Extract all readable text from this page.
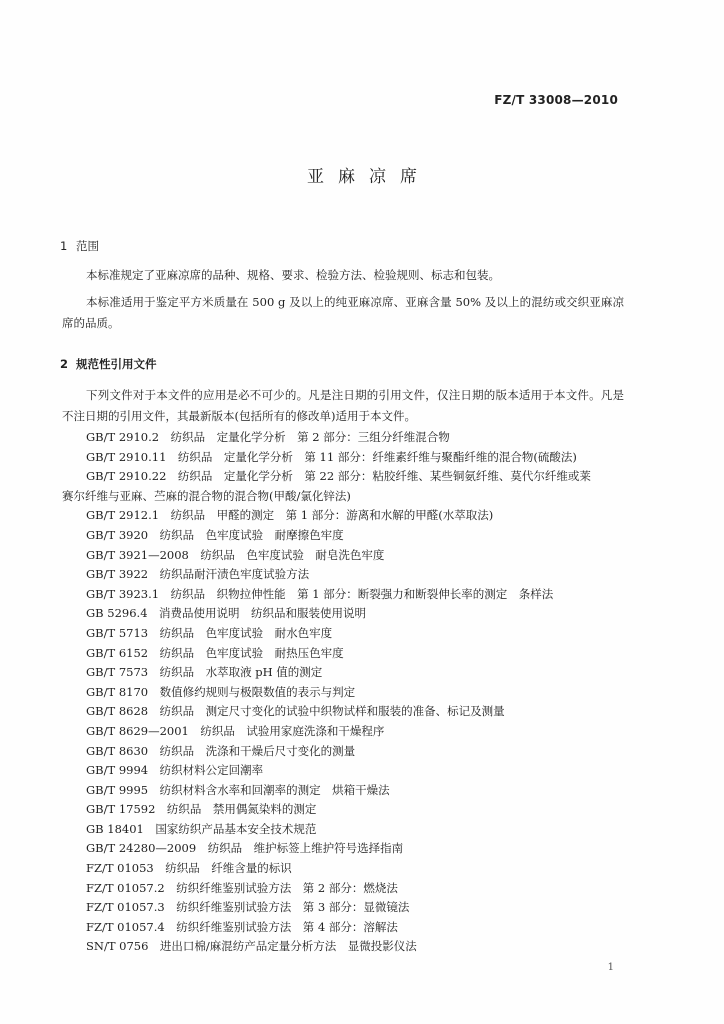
FZ/T 33008—2010
亚麻凉席
1 范围
本标准规定了亚麻凉席的品种、规格、要求、检验方法、检验规则、标志和包装。
本标准适用于鉴定平方米质量在 500 g 及以上的纯亚麻凉席、亚麻含量 50% 及以上的混纺或交织亚麻凉席的品质。
2 规范性引用文件
下列文件对于本文件的应用是必不可少的。凡是注日期的引用文件，仅注日期的版本适用于本文件。凡是不注日期的引用文件，其最新版本(包括所有的修改单)适用于本文件。
GB/T 2910.2　纺织品　定量化学分析　第 2 部分：三组分纤维混合物
GB/T 2910.11　纺织品　定量化学分析　第 11 部分：纤维素纤维与聚酯纤维的混合物(硫酸法)
GB/T 2910.22　纺织品　定量化学分析　第 22 部分：粘胶纤维、某些铜氨纤维、莫代尔纤维或莱
赛尔纤维与亚麻、苎麻的混合物的混合物(甲酸/氯化锌法)
GB/T 2912.1　纺织品　甲醛的测定　第 1 部分：游离和水解的甲醛(水萃取法)
GB/T 3920　纺织品　色牢度试验　耐摩擦色牢度
GB/T 3921—2008　纺织品　色牢度试验　耐皂洗色牢度
GB/T 3922　纺织品耐汗渍色牢度试验方法
GB/T 3923.1　纺织品　织物拉伸性能　第 1 部分：断裂强力和断裂伸长率的测定　条样法
GB 5296.4　消费品使用说明　纺织品和服装使用说明
GB/T 5713　纺织品　色牢度试验　耐水色牢度
GB/T 6152　纺织品　色牢度试验　耐热压色牢度
GB/T 7573　纺织品　水萃取液 pH 值的测定
GB/T 8170　数值修约规则与极限数值的表示与判定
GB/T 8628　纺织品　测定尺寸变化的试验中织物试样和服装的准备、标记及测量
GB/T 8629—2001　纺织品　试验用家庭洗涤和干燥程序
GB/T 8630　纺织品　洗涤和干燥后尺寸变化的测量
GB/T 9994　纺织材料公定回潮率
GB/T 9995　纺织材料含水率和回潮率的测定　烘箱干燥法
GB/T 17592　纺织品　禁用偶氮染料的测定
GB 18401　国家纺织产品基本安全技术规范
GB/T 24280—2009　纺织品　维护标签上维护符号选择指南
FZ/T 01053　纺织品　纤维含量的标识
FZ/T 01057.2　纺织纤维鉴别试验方法　第 2 部分：燃烧法
FZ/T 01057.3　纺织纤维鉴别试验方法　第 3 部分：显微镜法
FZ/T 01057.4　纺织纤维鉴别试验方法　第 4 部分：溶解法
SN/T 0756　进出口棉/麻混纺产品定量分析方法　显微投影仪法
1
